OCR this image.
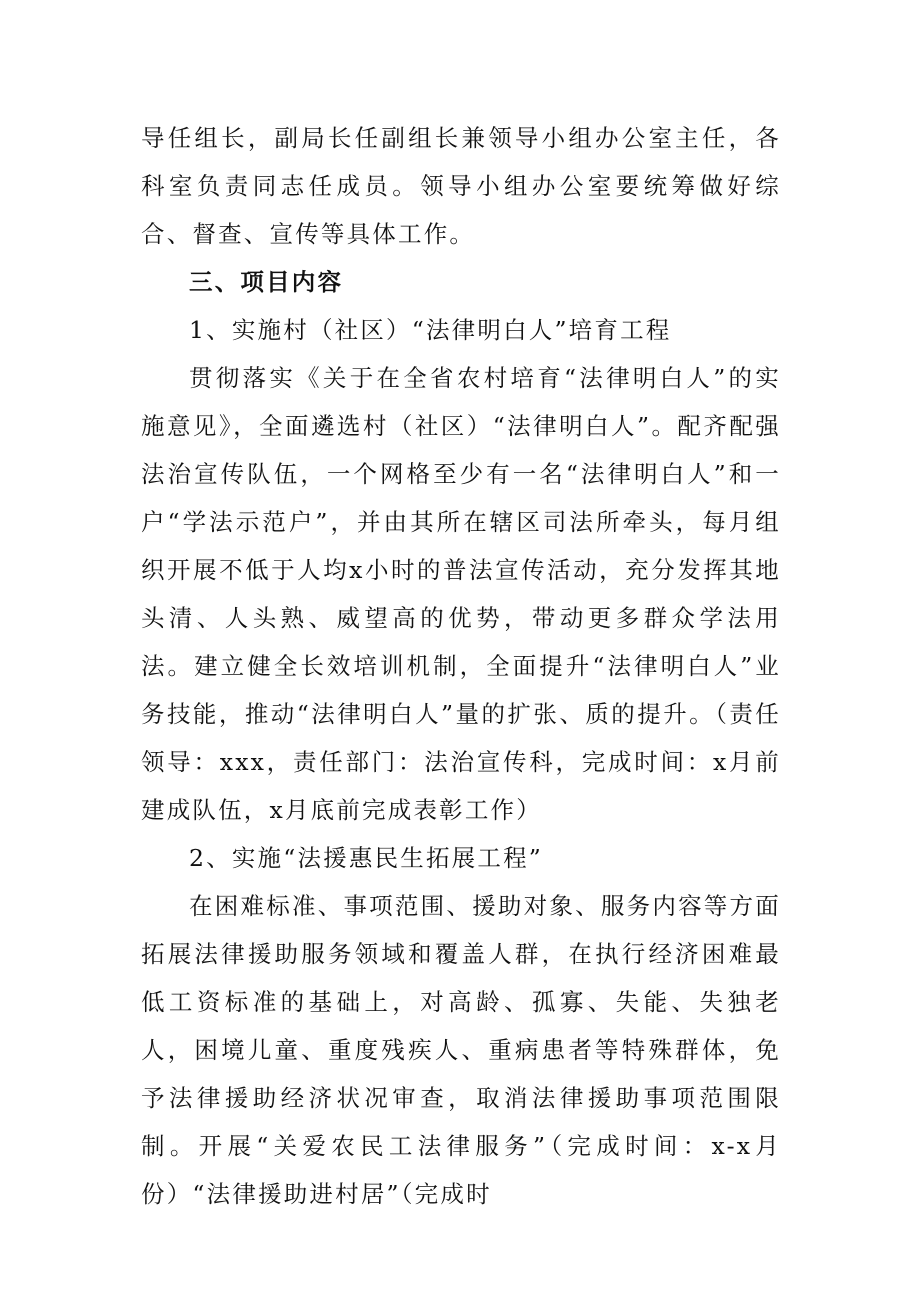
导任组长，副局长任副组长兼领导小组办公室主任，各科室负责同志任成员。领导小组办公室要统筹做好综合、督查、宣传等具体工作。

三、项目内容

1、实施村（社区）“法律明白人”培育工程

贯彻落实《关于在全省农村培育“法律明白人”的实施意见》，全面遴选村（社区）“法律明白人”。配齐配强法治宣传队伍，一个网格至少有一名“法律明白人”和一户“学法示范户”，并由其所在辖区司法所牵头，每月组织开展不低于人均x小时的普法宣传活动，充分发挥其地头清、人头熟、威望高的优势，带动更多群众学法用法。建立健全长效培训机制，全面提升“法律明白人”业务技能，推动“法律明白人”量的扩张、质的提升。（责任领导：xxx，责任部门：法治宣传科，完成时间：x月前建成队伍，x月底前完成表彰工作）

2、实施“法援惠民生拓展工程”

在困难标准、事项范围、援助对象、服务内容等方面拓展法律援助服务领域和覆盖人群，在执行经济困难最低工资标准的基础上，对高龄、孤寡、失能、失独老人，困境儿童、重度残疾人、重病患者等特殊群体，免予法律援助经济状况审查，取消法律援助事项范围限制。开展“关爱农民工法律服务”（完成时间：x-x月份）“法律援助进村居”（完成时
